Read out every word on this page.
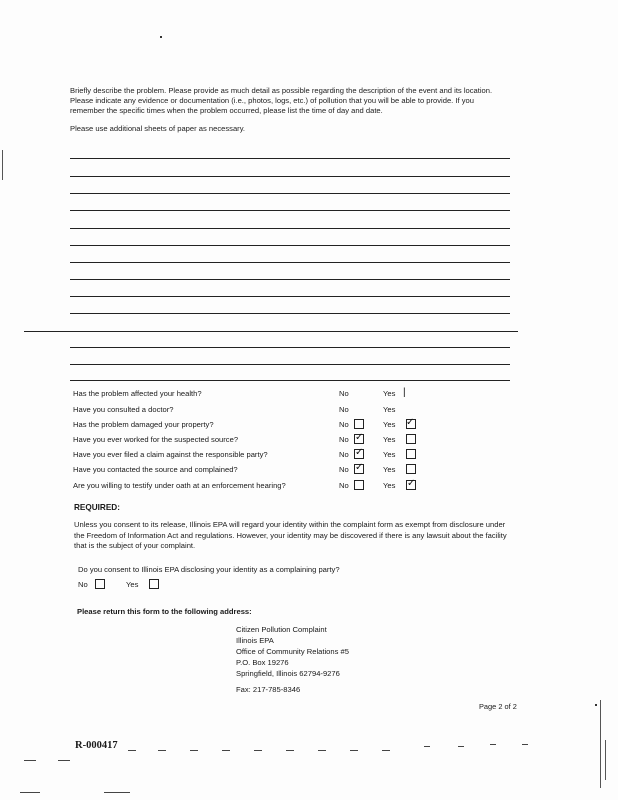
Briefly describe the problem. Please provide as much detail as possible regarding the description of the event and its location. Please indicate any evidence or documentation (i.e., photos, logs, etc.) of pollution that you will be able to provide. If you remember the specific times when the problem occurred, please list the time of day and date.

Please use additional sheets of paper as necessary.

Has the problem affected your health?	No	Yes |
Have you consulted a doctor?	No	Yes
Has the problem damaged your property?	No	Yes ✓
Have you ever worked for the suspected source?	No ✓	Yes
Have you ever filed a claim against the responsible party?	No ✓	Yes
Have you contacted the source and complained?	No ✓	Yes
Are you willing to testify under oath at an enforcement hearing?	No	Yes ✓
REQUIRED:
Unless you consent to its release, Illinois EPA will regard your identity within the complaint form as exempt from disclosure under the Freedom of Information Act and regulations. However, your identity may be discovered if there is any lawsuit about the facility that is the subject of your complaint.
Do you consent to Illinois EPA disclosing your identity as a complaining party?
No	Yes
Please return this form to the following address:
Citizen Pollution Complaint
Illinois EPA
Office of Community Relations #5
P.O. Box 19276
Springfield, Illinois 62794-9276
Fax: 217-785-8346
Page 2 of 2
R-000417
